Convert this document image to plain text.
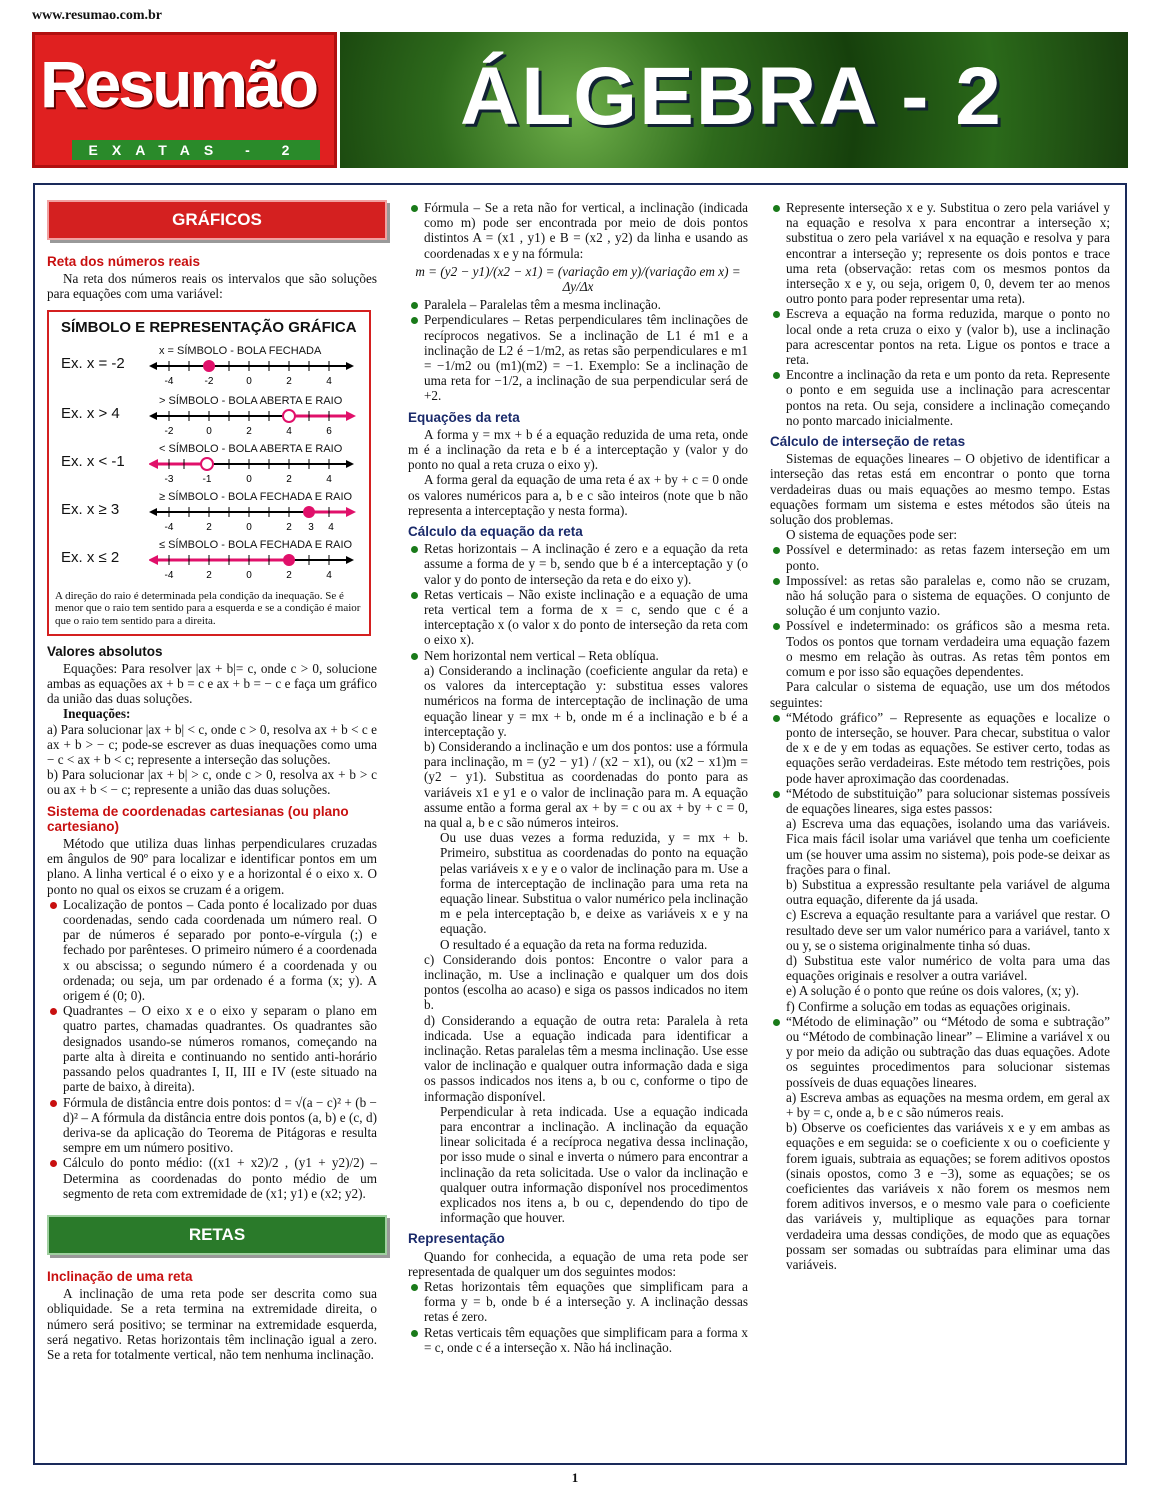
www.resumao.com.br
Resumão
EXATAS - 2
ÁLGEBRA - 2
GRÁFICOS
Reta dos números reais

Na reta dos números reais os intervalos que são soluções para equações com uma variável:

SÍMBOLO E REPRESENTAÇÃO GRÁFICA
x = SÍMBOLO - BOLA FECHADA
Ex. x = -2
-4	-2	0	2	4
> SÍMBOLO - BOLA ABERTA E RAIO
Ex. x > 4
-2	0	2	4	6
< SÍMBOLO - BOLA ABERTA E RAIO
Ex. x < -1
-3	-1	0	2	4
≥ SÍMBOLO - BOLA FECHADA E RAIO
Ex. x ≥ 3
-4	2	0	2 3 4
≤ SÍMBOLO - BOLA FECHADA E RAIO
Ex. x ≤ 2
-4	2	0	2	4
A direção do raio é determinada pela condição da inequação. Se é menor que o raio tem sentido para a esquerda e se a condição é maior que o raio tem sentido para a direita.
Valores absolutos

Equações: Para resolver |ax + b|= c, onde c > 0, solucione ambas as equações ax + b = c e ax + b = − c e faça um gráfico da união das duas soluções.

Inequações:

a) Para solucionar |ax + b| < c, onde c > 0, resolva ax + b < c e ax + b > − c; pode-se escrever as duas inequações como uma − c < ax + b < c; represente a interseção das soluções.

b) Para solucionar |ax + b| > c, onde c > 0, resolva ax + b > c ou ax + b < − c; represente a união das duas soluções.

Sistema de coordenadas cartesianas (ou plano cartesiano)

Método que utiliza duas linhas perpendiculares cruzadas em ângulos de 90º para localizar e identificar pontos em um plano. A linha vertical é o eixo y e a horizontal é o eixo x. O ponto no qual os eixos se cruzam é a origem.

Localização de pontos – Cada ponto é localizado por duas coordenadas, sendo cada coordenada um número real. O par de números é separado por ponto-e-vírgula (;) e fechado por parênteses. O primeiro número é a coordenada x ou abscissa; o segundo número é a coordenada y ou ordenada; ou seja, um par ordenado é a forma (x; y). A origem é (0; 0).
Quadrantes – O eixo x e o eixo y separam o plano em quatro partes, chamadas quadrantes. Os quadrantes são designados usando-se números romanos, começando na parte alta à direita e continuando no sentido anti-horário passando pelos quadrantes I, II, III e IV (este situado na parte de baixo, à direita).
Fórmula de distância entre dois pontos: d = √(a − c)² + (b − d)² – A fórmula da distância entre dois pontos (a, b) e (c, d) deriva-se da aplicação do Teorema de Pitágoras e resulta sempre em um número positivo.
Cálculo do ponto médio: ((x1 + x2)/2 , (y1 + y2)/2) – Determina as coordenadas do ponto médio de um segmento de reta com extremidade de (x1; y1) e (x2; y2).
RETAS
Inclinação de uma reta

A inclinação de uma reta pode ser descrita como sua obliquidade. Se a reta termina na extremidade direita, o número será positivo; se terminar na extremidade esquerda, será negativo. Retas horizontais têm inclinação igual a zero. Se a reta for totalmente vertical, não tem nenhuma inclinação.

Fórmula – Se a reta não for vertical, a inclinação (indicada como m) pode ser encontrada por meio de dois pontos distintos A = (x1 , y1) e B = (x2 , y2) da linha e usando as coordenadas x e y na fórmula:

m = (y2 − y1)/(x2 − x1) = (variação em y)/(variação em x) = Δy/Δx

Paralela – Paralelas têm a mesma inclinação.
Perpendiculares – Retas perpendiculares têm inclinações de recíprocos negativos. Se a inclinação de L1 é m1 e a inclinação de L2 é −1/m2, as retas são perpendiculares e m1 = −1/m2 ou (m1)(m2) = −1. Exemplo: Se a inclinação de uma reta for −1/2, a inclinação de sua perpendicular será de +2.
Equações da reta

A forma y = mx + b é a equação reduzida de uma reta, onde m é a inclinação da reta e b é a interceptação y (valor y do ponto no qual a reta cruza o eixo y).

A forma geral da equação de uma reta é ax + by + c = 0 onde os valores numéricos para a, b e c são inteiros (note que b não representa a interceptação y nesta forma).

Cálculo da equação da reta
Retas horizontais – A inclinação é zero e a equação da reta assume a forma de y = b, sendo que b é a interceptação y (o valor y do ponto de interseção da reta e do eixo y).
Retas verticais – Não existe inclinação e a equação de uma reta vertical tem a forma de x = c, sendo que c é a interceptação x (o valor x do ponto de interseção da reta com o eixo x).
Nem horizontal nem vertical – Reta oblíqua.
a) Considerando a inclinação (coeficiente angular da reta) e os valores da interceptação y: substitua esses valores numéricos na forma de interceptação de inclinação de uma equação linear y = mx + b, onde m é a inclinação e b é a interceptação y.
b) Considerando a inclinação e um dos pontos: use a fórmula para inclinação, m = (y2 − y1) / (x2 − x1), ou (x2 − x1)m = (y2 − y1). Substitua as coordenadas do ponto para as variáveis x1 e y1 e o valor de inclinação para m. A equação assume então a forma geral ax + by = c ou ax + by + c = 0, na qual a, b e c são números inteiros.
Ou use duas vezes a forma reduzida, y = mx + b. Primeiro, substitua as coordenadas do ponto na equação pelas variáveis x e y e o valor de inclinação para m. Use a forma de interceptação de inclinação para uma reta na equação linear. Substitua o valor numérico pela inclinação m e pela interceptação b, e deixe as variáveis x e y na equação.
O resultado é a equação da reta na forma reduzida.
c) Considerando dois pontos: Encontre o valor para a inclinação, m. Use a inclinação e qualquer um dos dois pontos (escolha ao acaso) e siga os passos indicados no item b.
d) Considerando a equação de outra reta: Paralela à reta indicada. Use a equação indicada para identificar a inclinação. Retas paralelas têm a mesma inclinação. Use esse valor de inclinação e qualquer outra informação dada e siga os passos indicados nos itens a, b ou c, conforme o tipo de informação disponível.
Perpendicular à reta indicada. Use a equação indicada para encontrar a inclinação. A inclinação da equação linear solicitada é a recíproca negativa dessa inclinação, por isso mude o sinal e inverta o número para encontrar a inclinação da reta solicitada. Use o valor da inclinação e qualquer outra informação disponível nos procedimentos explicados nos itens a, b ou c, dependendo do tipo de informação que houver.
Representação

Quando for conhecida, a equação de uma reta pode ser representada de qualquer um dos seguintes modos:

Retas horizontais têm equações que simplificam para a forma y = b, onde b é a interseção y. A inclinação dessas retas é zero.
Retas verticais têm equações que simplificam para a forma x = c, onde c é a interseção x. Não há inclinação.
Represente interseção x e y. Substitua o zero pela variável y na equação e resolva x para encontrar a interseção x; substitua o zero pela variável x na equação e resolva y para encontrar a interseção y; represente os dois pontos e trace uma reta (observação: retas com os mesmos pontos da interseção x e y, ou seja, origem 0, 0, devem ter ao menos outro ponto para poder representar uma reta).
Escreva a equação na forma reduzida, marque o ponto no local onde a reta cruza o eixo y (valor b), use a inclinação para acrescentar pontos na reta. Ligue os pontos e trace a reta.
Encontre a inclinação da reta e um ponto da reta. Represente o ponto e em seguida use a inclinação para acrescentar pontos na reta. Ou seja, considere a inclinação começando no ponto marcado inicialmente.
Cálculo de interseção de retas

Sistemas de equações lineares – O objetivo de identificar a interseção das retas está em encontrar o ponto que torna verdadeiras duas ou mais equações ao mesmo tempo. Estas equações formam um sistema e estes métodos são úteis na solução dos problemas.

O sistema de equações pode ser:

Possível e determinado: as retas fazem interseção em um ponto.
Impossível: as retas são paralelas e, como não se cruzam, não há solução para o sistema de equações. O conjunto de solução é um conjunto vazio.
Possível e indeterminado: os gráficos são a mesma reta. Todos os pontos que tornam verdadeira uma equação fazem o mesmo em relação às outras. As retas têm pontos em comum e por isso são equações dependentes.

Para calcular o sistema de equação, use um dos métodos seguintes:

“Método gráfico” – Represente as equações e localize o ponto de interseção, se houver. Para checar, substitua o valor de x e de y em todas as equações. Se estiver certo, todas as equações serão verdadeiras. Este método tem restrições, pois pode haver aproximação das coordenadas.
“Método de substituição” para solucionar sistemas possíveis de equações lineares, siga estes passos:
a) Escreva uma das equações, isolando uma das variáveis. Fica mais fácil isolar uma variável que tenha um coeficiente um (se houver uma assim no sistema), pois pode-se deixar as frações para o final.
b) Substitua a expressão resultante pela variável de alguma outra equação, diferente da já usada.
c) Escreva a equação resultante para a variável que restar. O resultado deve ser um valor numérico para a variável, tanto x ou y, se o sistema originalmente tinha só duas.
d) Substitua este valor numérico de volta para uma das equações originais e resolver a outra variável.
e) A solução é o ponto que reúne os dois valores, (x; y).
f) Confirme a solução em todas as equações originais.
“Método de eliminação” ou “Método de soma e subtração” ou “Método de combinação linear” – Elimine a variável x ou y por meio da adição ou subtração das duas equações. Adote os seguintes procedimentos para solucionar sistemas possíveis de duas equações lineares.
a) Escreva ambas as equações na mesma ordem, em geral ax + by = c, onde a, b e c são números reais.
b) Observe os coeficientes das variáveis x e y em ambas as equações e em seguida: se o coeficiente x ou o coeficiente y forem iguais, subtraia as equações; se forem aditivos opostos (sinais opostos, como 3 e −3), some as equações; se os coeficientes das variáveis x não forem os mesmos nem forem aditivos inversos, e o mesmo vale para o coeficiente das variáveis y, multiplique as equações para tornar verdadeira uma dessas condições, de modo que as equações possam ser somadas ou subtraídas para eliminar uma das variáveis.
1
